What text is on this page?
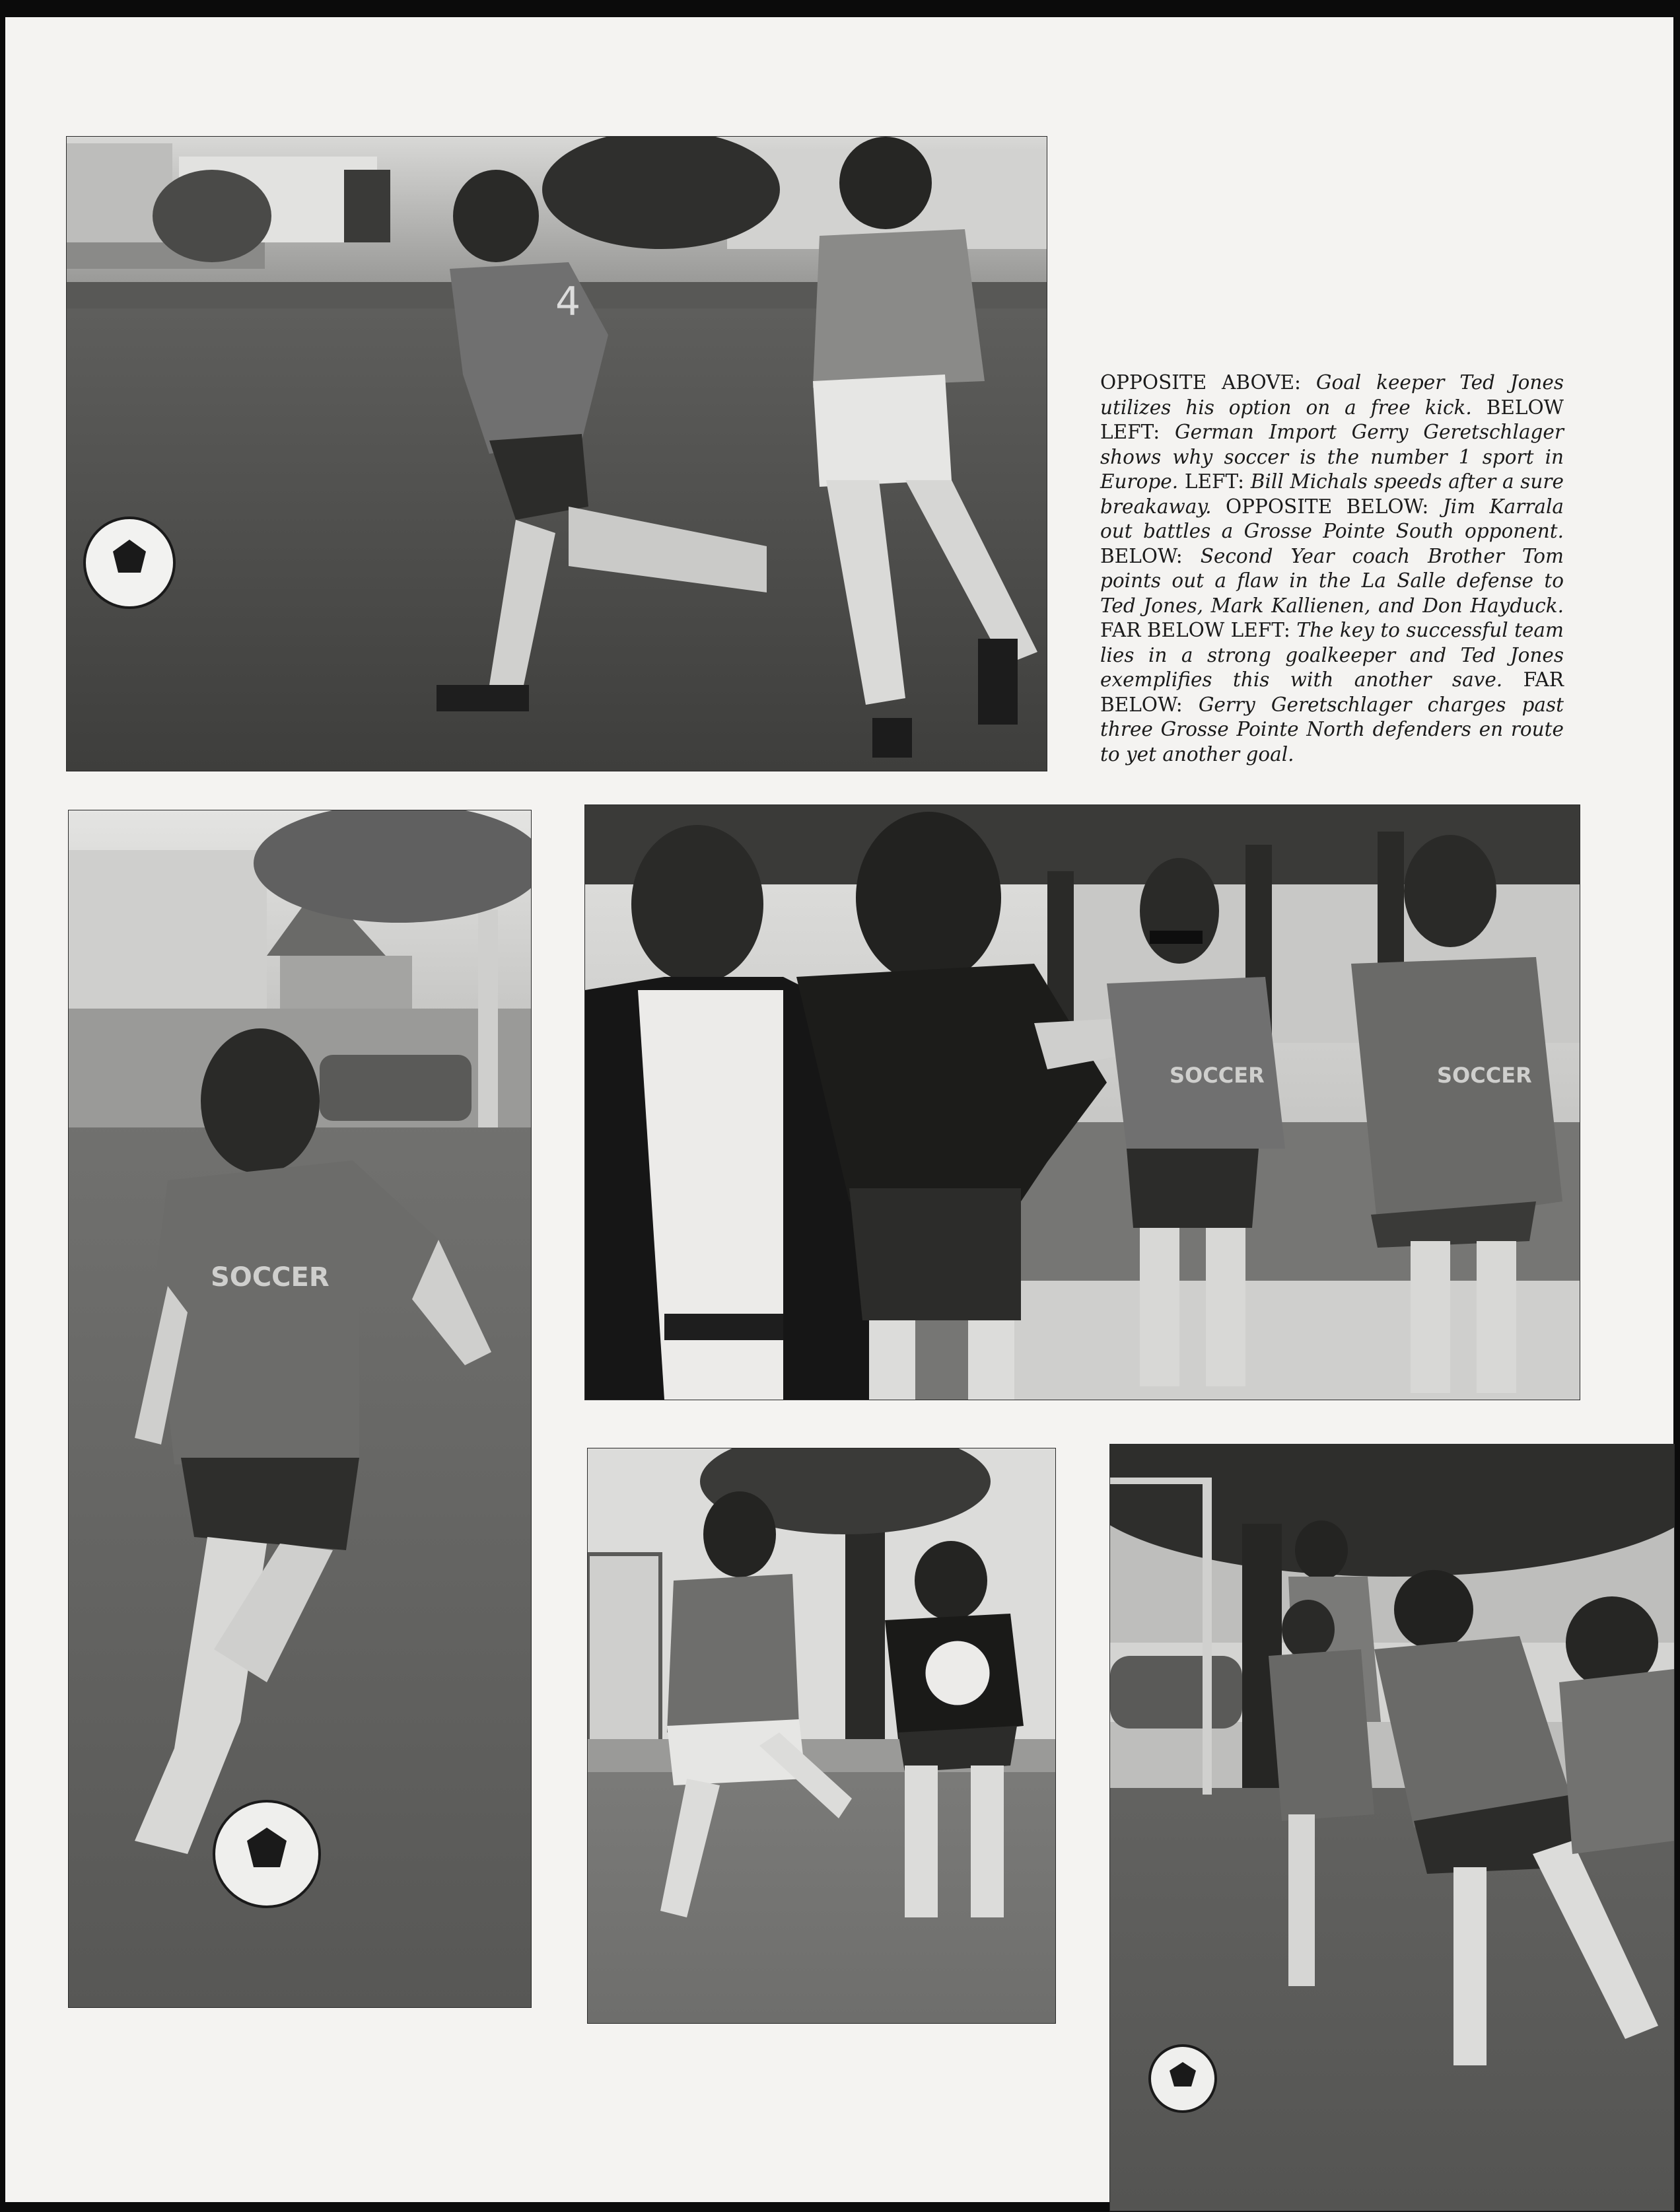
4
SOCCER
SOCCER	SOCCER
OPPOSITE ABOVE: Goal keeper Ted Jones utilizes his option on a free kick. BELOW LEFT: German Import Gerry Geretschlager shows why soccer is the number 1 sport in Europe. LEFT: Bill Michals speeds after a sure breakaway. OPPOSITE BELOW: Jim Karrala out battles a Grosse Pointe South opponent. BELOW: Second Year coach Brother Tom points out a flaw in the La Salle defense to Ted Jones, Mark Kallienen, and Don Hayduck. FAR BELOW LEFT: The key to successful team lies in a strong goalkeeper and Ted Jones exemplifies this with another save. FAR BELOW: Gerry Geretschlager charges past three Grosse Pointe North defenders en route to yet another goal.
